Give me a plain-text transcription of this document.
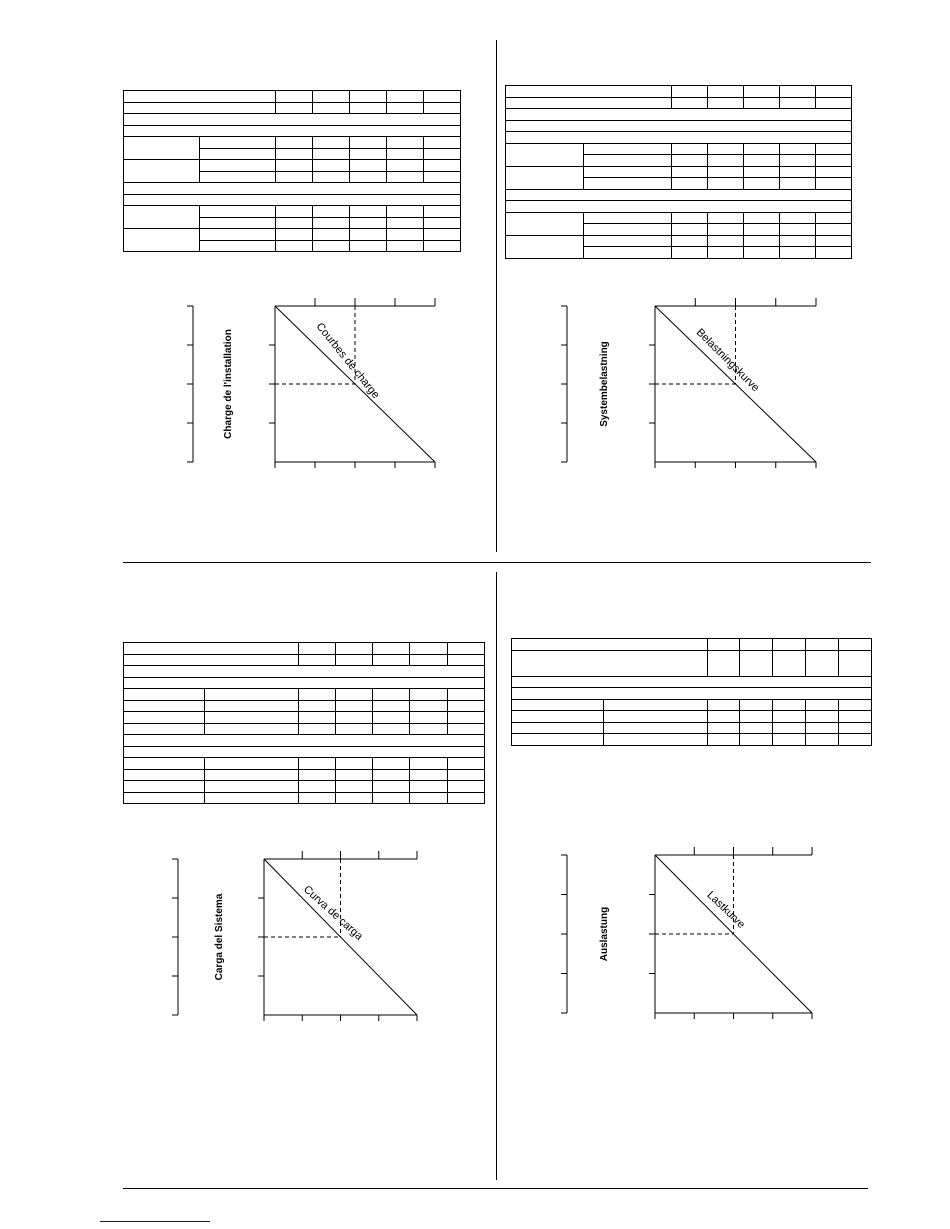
Charge de l'installation	Courbes de charge	Systembelastning	Belastningskurve
Carga del Sistema	Curva de carga	Auslastung	Lastkurve
